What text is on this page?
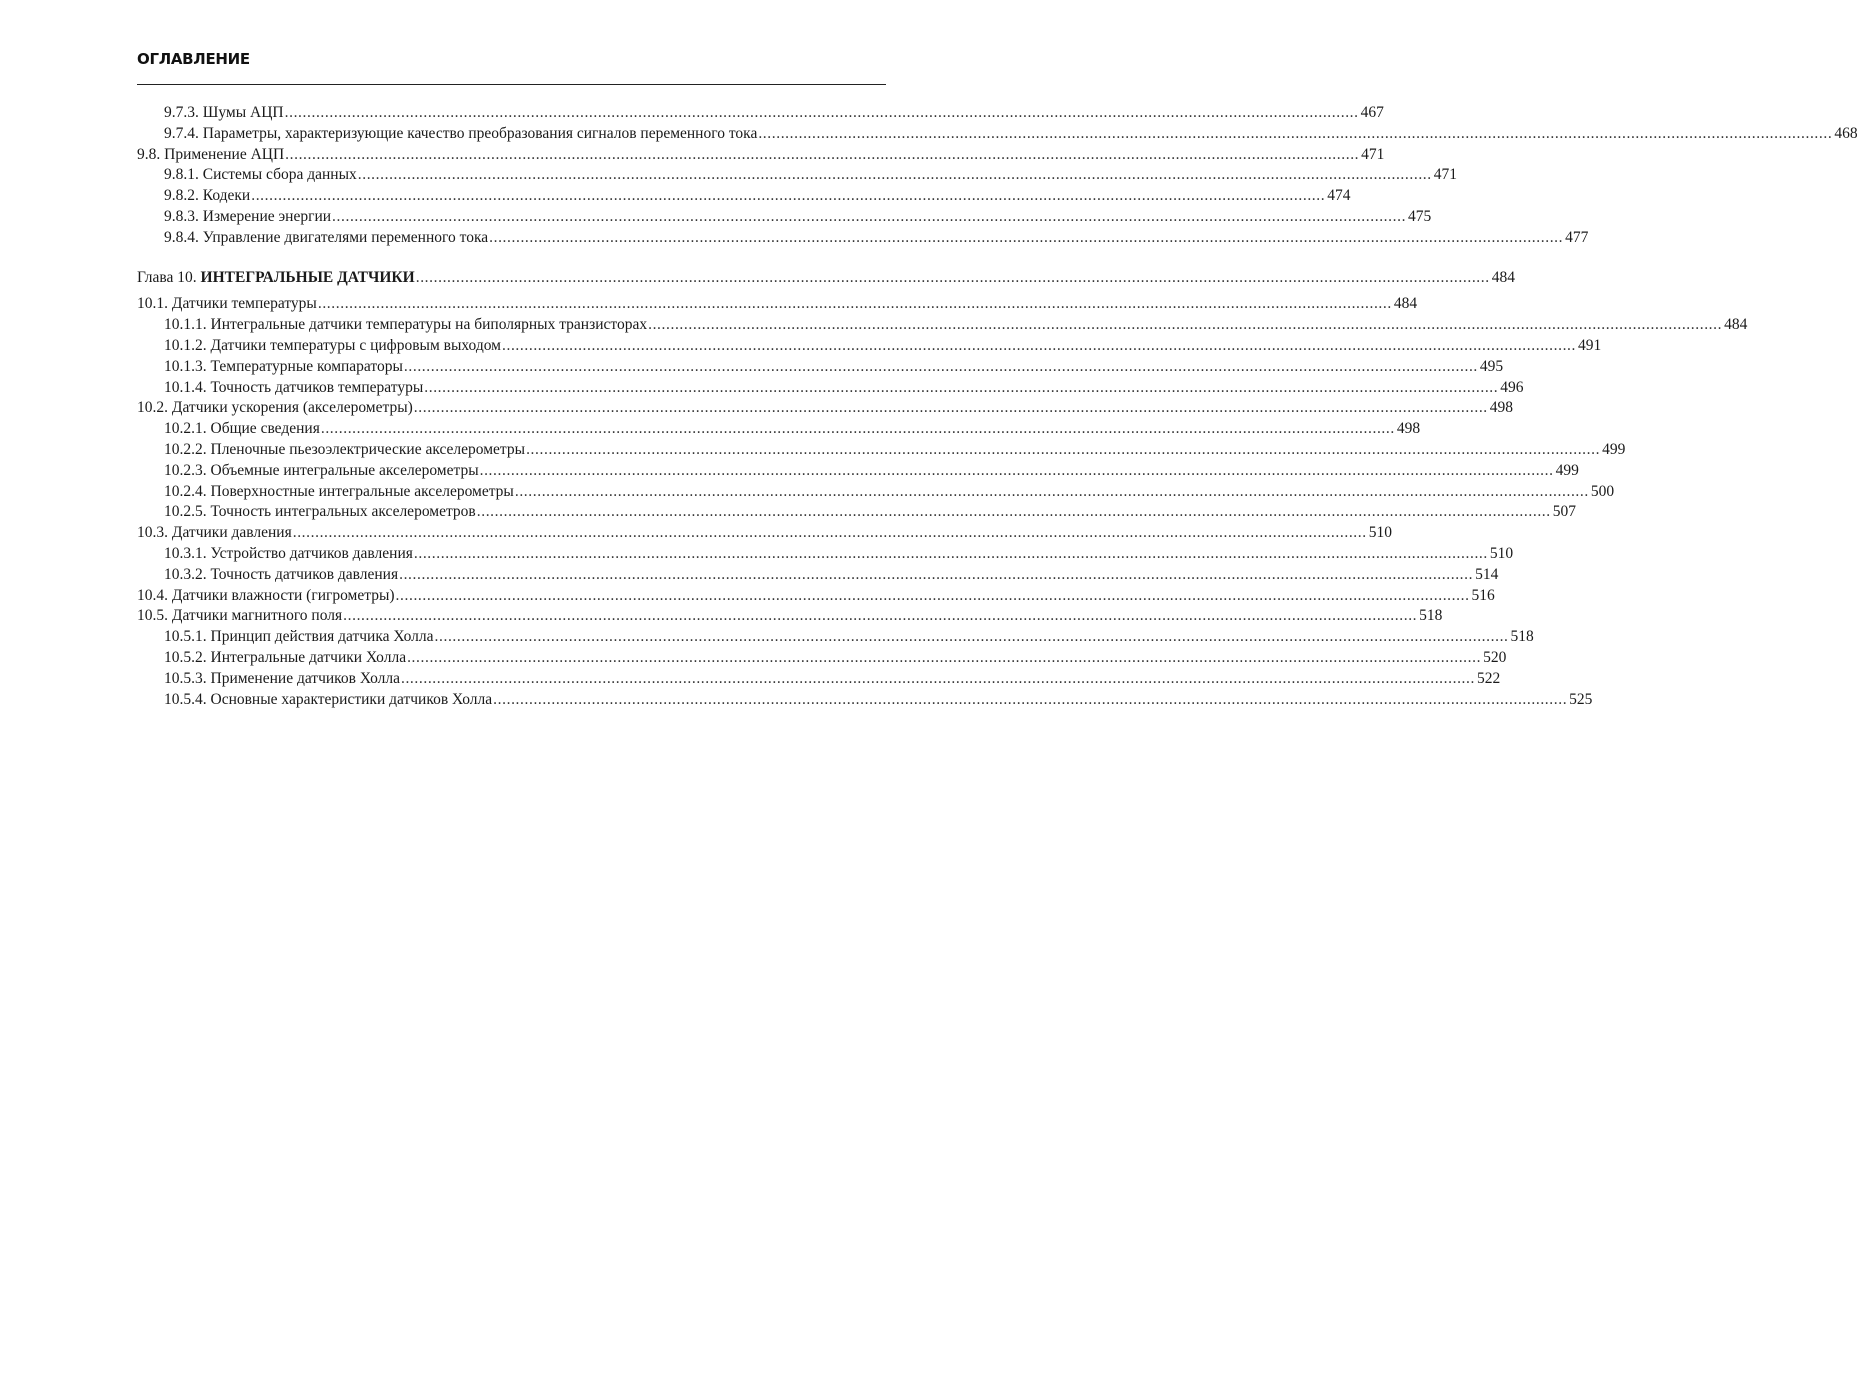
ОГЛАВЛЕНИЕ
9.7.3. Шумы АЦП .....	467
9.7.4. Параметры, характеризующие качество преобразования сигналов переменного тока .....	468
9.8. Применение АЦП .....	471
9.8.1. Системы сбора данных .....	471
9.8.2. Кодеки .....	474
9.8.3. Измерение энергии .....	475
9.8.4. Управление двигателями переменного тока .....	477
Глава 10. ИНТЕГРАЛЬНЫЕ ДАТЧИКИ .....	484
10.1. Датчики температуры .....	484
10.1.1. Интегральные датчики температуры на биполярных транзисторах .....	484
10.1.2. Датчики температуры с цифровым выходом .....	491
10.1.3. Температурные компараторы .....	495
10.1.4. Точность датчиков температуры .....	496
10.2. Датчики ускорения (акселерометры) .....	498
10.2.1. Общие сведения .....	498
10.2.2. Пленочные пьезоэлектрические акселерометры .....	499
10.2.3. Объемные интегральные акселерометры .....	499
10.2.4. Поверхностные интегральные акселерометры .....	500
10.2.5. Точность интегральных акселерометров .....	507
10.3. Датчики давления .....	510
10.3.1. Устройство датчиков давления .....	510
10.3.2. Точность датчиков давления .....	514
10.4. Датчики влажности (гигрометры) .....	516
10.5. Датчики магнитного поля .....	518
10.5.1. Принцип действия датчика Холла .....	518
10.5.2. Интегральные датчики Холла .....	520
10.5.3. Применение датчиков Холла .....	522
10.5.4. Основные характеристики датчиков Холла .....	525
